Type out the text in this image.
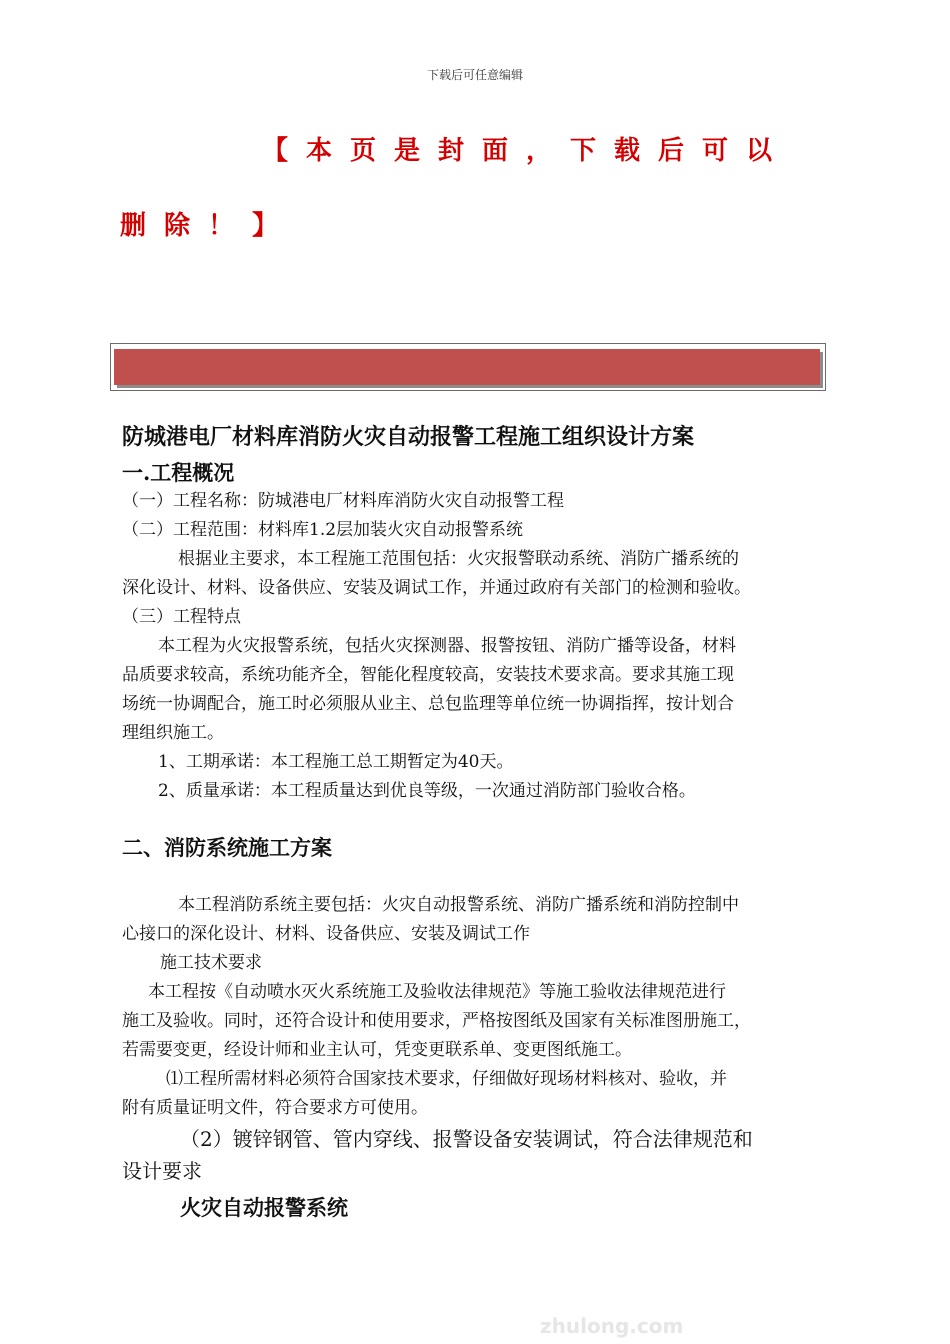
下载后可任意编辑
【本页是封面，下载后可以
删除！】
防城港电厂材料库消防火灾自动报警工程施工组织设计方案
一.工程概况
（一）工程名称：防城港电厂材料库消防火灾自动报警工程
（二）工程范围：材料库1.2层加装火灾自动报警系统
根据业主要求，本工程施工范围包括：火灾报警联动系统、消防广播系统的
深化设计、材料、设备供应、安装及调试工作，并通过政府有关部门的检测和验收。
（三）工程特点
本工程为火灾报警系统，包括火灾探测器、报警按钮、消防广播等设备，材料
品质要求较高，系统功能齐全，智能化程度较高，安装技术要求高。要求其施工现
场统一协调配合，施工时必须服从业主、总包监理等单位统一协调指挥，按计划合
理组织施工。
1、工期承诺：本工程施工总工期暂定为40天。
2、质量承诺：本工程质量达到优良等级，一次通过消防部门验收合格。
二、消防系统施工方案
本工程消防系统主要包括：火灾自动报警系统、消防广播系统和消防控制中
心接口的深化设计、材料、设备供应、安装及调试工作
施工技术要求
本工程按《自动喷水灭火系统施工及验收法律规范》等施工验收法律规范进行
施工及验收。同时，还符合设计和使用要求，严格按图纸及国家有关标准图册施工，
若需要变更，经设计师和业主认可，凭变更联系单、变更图纸施工。
⑴工程所需材料必须符合国家技术要求，仔细做好现场材料核对、验收，并
附有质量证明文件，符合要求方可使用。
（2）镀锌钢管、管内穿线、报警设备安装调试，符合法律规范和
设计要求
火灾自动报警系统
zhulong.com
